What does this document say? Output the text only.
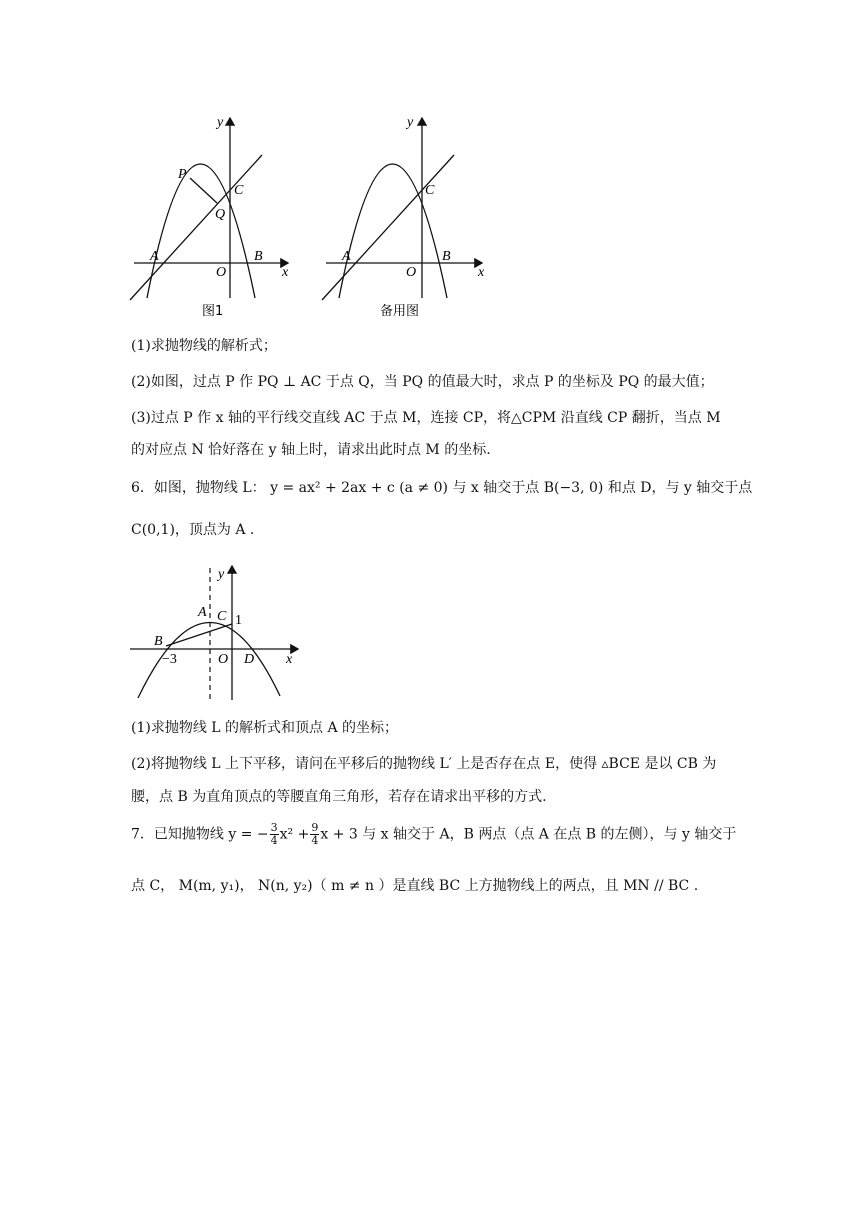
y
P
C
Q
A	B
O	x
图1
y
C
A	B
O	x
备用图
(1)求抛物线的解析式；
(2)如图，过点 P 作 PQ ⊥ AC 于点 Q，当 PQ 的值最大时，求点 P 的坐标及 PQ 的最大值；
(3)过点 P 作 x 轴的平行线交直线 AC 于点 M，连接 CP，将△CPM 沿直线 CP 翻折，当点 M
的对应点 N 恰好落在 y 轴上时，请求出此时点 M 的坐标.
6．如图，抛物线 L： y = ax² + 2ax + c (a ≠ 0) 与 x 轴交于点 B(−3, 0) 和点 D，与 y 轴交于点
C(0,1)，顶点为 A .
y
A C 1
B
−3	O D x
(1)求抛物线 L 的解析式和顶点 A 的坐标；
(2)将抛物线 L 上下平移，请问在平移后的抛物线 L′ 上是否存在点 E，使得 ▵BCE 是以 CB 为
腰，点 B 为直角顶点的等腰直角三角形，若存在请求出平移的方式.
7．已知抛物线 y = − $\frac{3}{4} x^2 + \frac{9}{4}$ x + 3 与 x 轴交于 A，B 两点（点 A 在点 B 的左侧），与 y 轴交于
点 C， M(m, y₁)， N(n, y₂)（ m ≠ n ）是直线 BC 上方抛物线上的两点，且 MN // BC .
